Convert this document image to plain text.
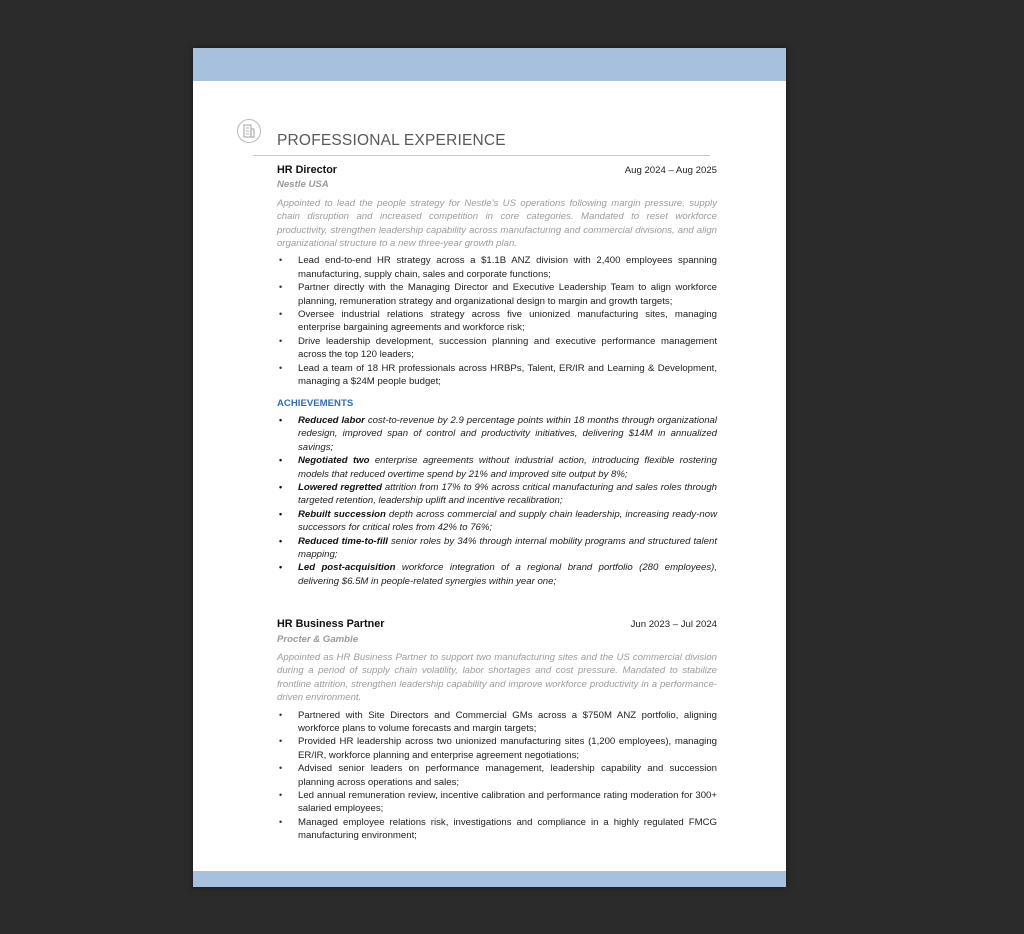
PROFESSIONAL EXPERIENCE
HR Director	Aug 2024 – Aug 2025
Nestle USA
Appointed to lead the people strategy for Nestle’s US operations following margin pressure, supply chain disruption and increased competition in core categories. Mandated to reset workforce productivity, strengthen leadership capability across manufacturing and commercial divisions, and align organizational structure to a new three-year growth plan.
• Lead end-to-end HR strategy across a $1.1B ANZ division with 2,400 employees spanning manufacturing, supply chain, sales and corporate functions;
• Partner directly with the Managing Director and Executive Leadership Team to align workforce planning, remuneration strategy and organizational design to margin and growth targets;
• Oversee industrial relations strategy across five unionized manufacturing sites, managing enterprise bargaining agreements and workforce risk;
• Drive leadership development, succession planning and executive performance management across the top 120 leaders;
• Lead a team of 18 HR professionals across HRBPs, Talent, ER/IR and Learning & Development, managing a $24M people budget;
ACHIEVEMENTS
• Reduced labor cost-to-revenue by 2.9 percentage points within 18 months through organizational redesign, improved span of control and productivity initiatives, delivering $14M in annualized savings;
• Negotiated two enterprise agreements without industrial action, introducing flexible rostering models that reduced overtime spend by 21% and improved site output by 8%;
• Lowered regretted attrition from 17% to 9% across critical manufacturing and sales roles through targeted retention, leadership uplift and incentive recalibration;
• Rebuilt succession depth across commercial and supply chain leadership, increasing ready-now successors for critical roles from 42% to 76%;
• Reduced time-to-fill senior roles by 34% through internal mobility programs and structured talent mapping;
• Led post-acquisition workforce integration of a regional brand portfolio (280 employees), delivering $6.5M in people-related synergies within year one;
HR Business Partner	Jun 2023 – Jul 2024
Procter & Gamble
Appointed as HR Business Partner to support two manufacturing sites and the US commercial division during a period of supply chain volatility, labor shortages and cost pressure. Mandated to stabilize frontline attrition, strengthen leadership capability and improve workforce productivity in a performance-driven environment.
• Partnered with Site Directors and Commercial GMs across a $750M ANZ portfolio, aligning workforce plans to volume forecasts and margin targets;
• Provided HR leadership across two unionized manufacturing sites (1,200 employees), managing ER/IR, workforce planning and enterprise agreement negotiations;
• Advised senior leaders on performance management, leadership capability and succession planning across operations and sales;
• Led annual remuneration review, incentive calibration and performance rating moderation for 300+ salaried employees;
• Managed employee relations risk, investigations and compliance in a highly regulated FMCG manufacturing environment;
